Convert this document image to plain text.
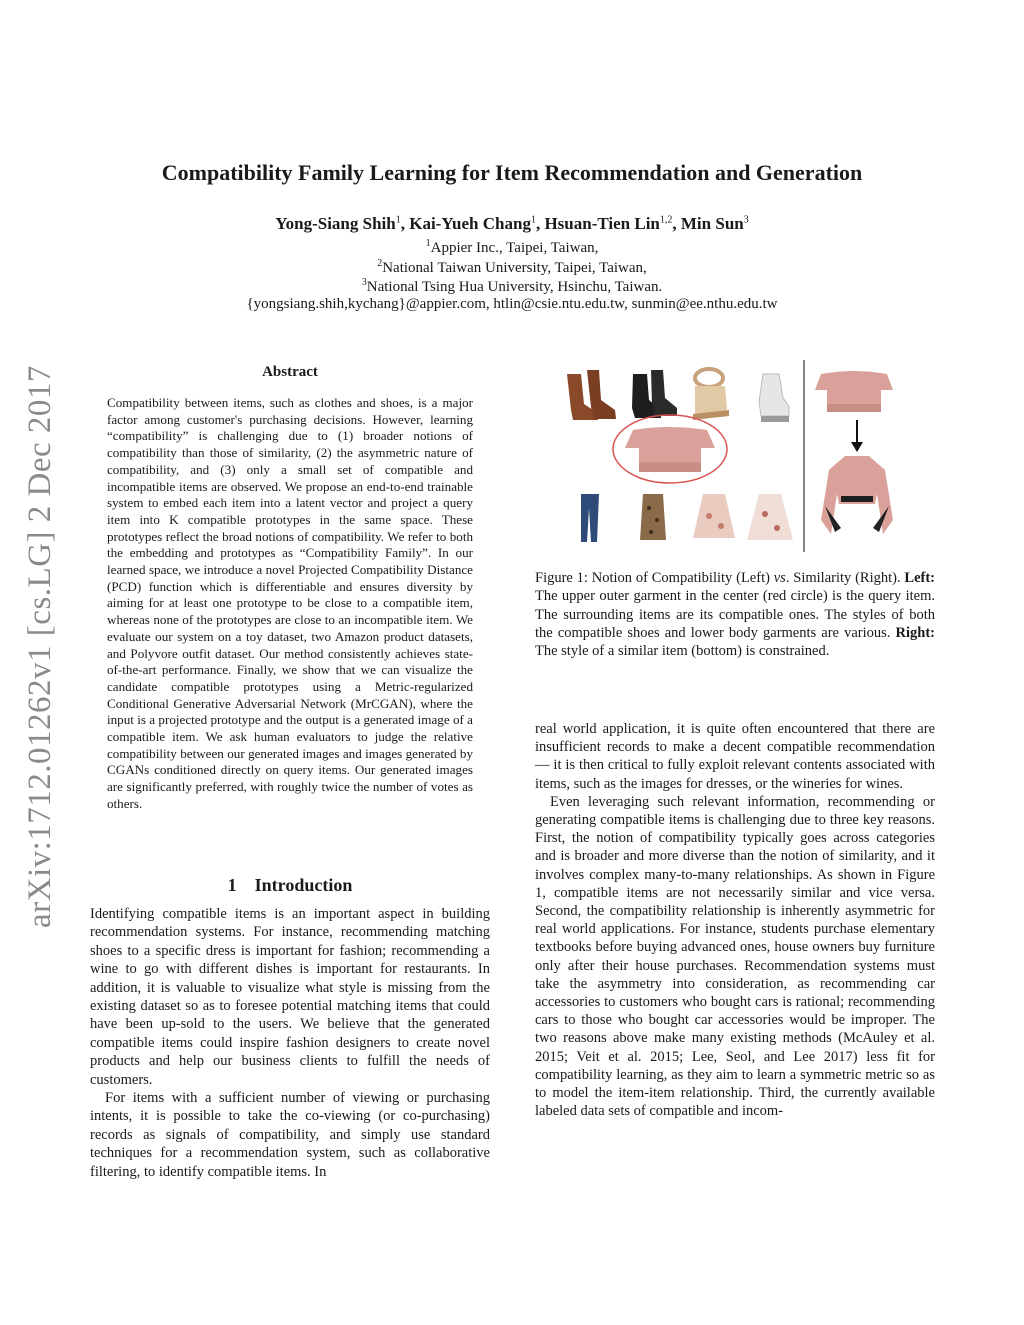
arXiv:1712.01262v1 [cs.LG] 2 Dec 2017
Compatibility Family Learning for Item Recommendation and Generation
Yong-Siang Shih$^1$, Kai-Yueh Chang$^1$, Hsuan-Tien Lin$^{1,2}$, Min Sun$^3$
$^1$Appier Inc., Taipei, Taiwan,
$^2$National Taiwan University, Taipei, Taiwan,
$^3$National Tsing Hua University, Hsinchu, Taiwan.
{yongsiang.shih,kychang}@appier.com, htlin@csie.ntu.edu.tw, sunmin@ee.nthu.edu.tw
Abstract
Compatibility between items, such as clothes and shoes, is a major factor among customer's purchasing decisions. However, learning “compatibility” is challenging due to (1) broader notions of compatibility than those of similarity, (2) the asymmetric nature of compatibility, and (3) only a small set of compatible and incompatible items are observed. We propose an end-to-end trainable system to embed each item into a latent vector and project a query item into K compatible prototypes in the same space. These prototypes reflect the broad notions of compatibility. We refer to both the embedding and prototypes as “Compatibility Family”. In our learned space, we introduce a novel Projected Compatibility Distance (PCD) function which is differentiable and ensures diversity by aiming for at least one prototype to be close to a compatible item, whereas none of the prototypes are close to an incompatible item. We evaluate our system on a toy dataset, two Amazon product datasets, and Polyvore outfit dataset. Our method consistently achieves state-of-the-art performance. Finally, we show that we can visualize the candidate compatible prototypes using a Metric-regularized Conditional Generative Adversarial Network (MrCGAN), where the input is a projected prototype and the output is a generated image of a compatible item. We ask human evaluators to judge the relative compatibility between our generated images and images generated by CGANs conditioned directly on query items. Our generated images are significantly preferred, with roughly twice the number of votes as others.
1 Introduction

Identifying compatible items is an important aspect in building recommendation systems. For instance, recommending matching shoes to a specific dress is important for fashion; recommending a wine to go with different dishes is important for restaurants. In addition, it is valuable to visualize what style is missing from the existing dataset so as to foresee potential matching items that could have been up-sold to the users. We believe that the generated compatible items could inspire fashion designers to create novel products and help our business clients to fulfill the needs of customers.

For items with a sufficient number of viewing or purchasing intents, it is possible to take the co-viewing (or co-purchasing) records as signals of compatibility, and simply use standard techniques for a recommendation system, such as collaborative filtering, to identify compatible items. In

Figure 1: Notion of Compatibility (Left) vs. Similarity (Right). Left: The upper outer garment in the center (red circle) is the query item. The surrounding items are its compatible ones. The styles of both the compatible shoes and lower body garments are various. Right: The style of a similar item (bottom) is constrained.

real world application, it is quite often encountered that there are insufficient records to make a decent compatible recommendation — it is then critical to fully exploit relevant contents associated with items, such as the images for dresses, or the wineries for wines.

Even leveraging such relevant information, recommending or generating compatible items is challenging due to three key reasons. First, the notion of compatibility typically goes across categories and is broader and more diverse than the notion of similarity, and it involves complex many-to-many relationships. As shown in Figure 1, compatible items are not necessarily similar and vice versa. Second, the compatibility relationship is inherently asymmetric for real world applications. For instance, students purchase elementary textbooks before buying advanced ones, house owners buy furniture only after their house purchases. Recommendation systems must take the asymmetry into consideration, as recommending car accessories to customers who bought cars is rational; recommending cars to those who bought car accessories would be improper. The two reasons above make many existing methods (McAuley et al. 2015; Veit et al. 2015; Lee, Seol, and Lee 2017) less fit for compatibility learning, as they aim to learn a symmetric metric so as to model the item-item relationship. Third, the currently available labeled data sets of compatible and incom-
